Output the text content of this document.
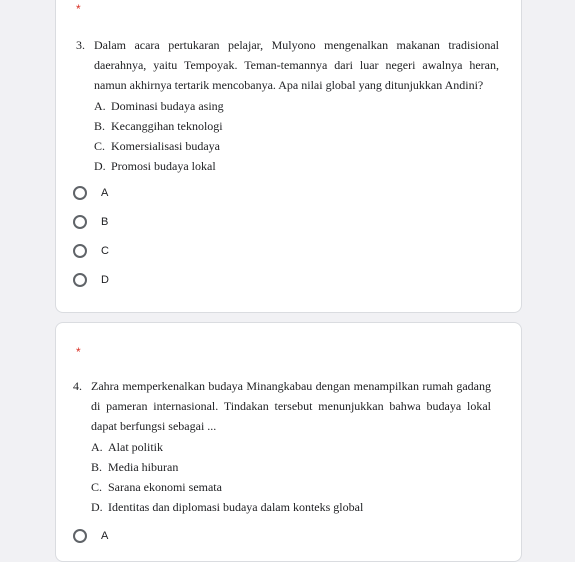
*
3. Dalam acara pertukaran pelajar, Mulyono mengenalkan makanan tradisional daerahnya, yaitu Tempoyak. Teman-temannya dari luar negeri awalnya heran, namun akhirnya tertarik mencobanya. Apa nilai global yang ditunjukkan Andini?

A. Dominasi budaya asing
B. Kecanggihan teknologi
C. Komersialisasi budaya
D. Promosi budaya lokal
A
B
C
D
*
4. Zahra memperkenalkan budaya Minangkabau dengan menampilkan rumah gadang di pameran internasional. Tindakan tersebut menunjukkan bahwa budaya lokal dapat berfungsi sebagai ...

A. Alat politik
B. Media hiburan
C. Sarana ekonomi semata
D. Identitas dan diplomasi budaya dalam konteks global
A
